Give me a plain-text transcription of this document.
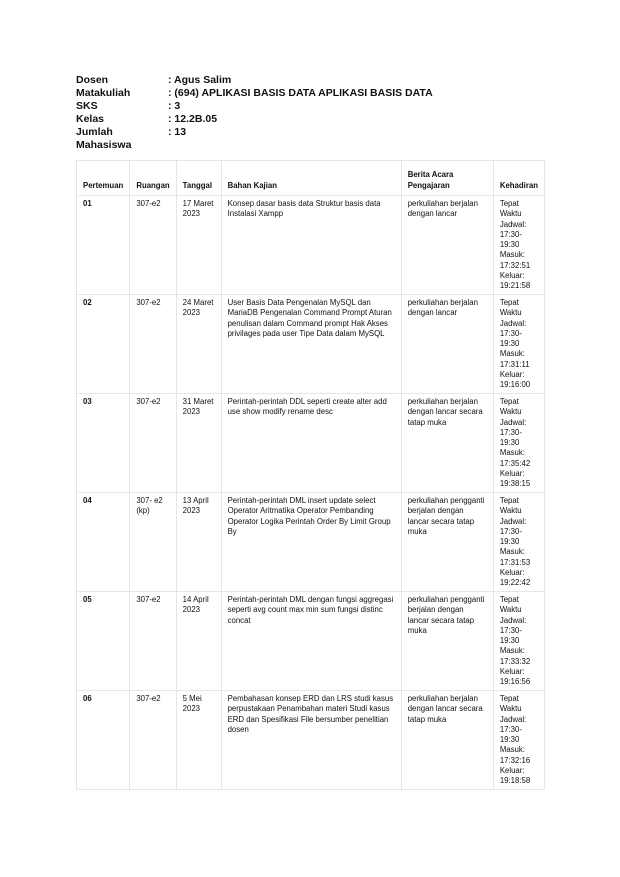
Dosen	: Agus Salim
Matakuliah	: (694) APLIKASI BASIS DATA APLIKASI BASIS DATA
SKS	: 3
Kelas	: 12.2B.05
Jumlah Mahasiswa
: 13
Pertemuan	Ruangan	Tanggal	Bahan Kajian	Berita Acara Pengajaran	Kehadiran
01	307-e2	17 Maret 2023	Konsep dasar basis data Struktur basis data Instalasi Xampp	perkuliahan berjalan dengan lancar	Tepat Waktu Jadwal: 17:30- 19:30 Masuk: 17:32:51 Keluar: 19:21:58
02	307-e2	24 Maret 2023	User Basis Data Pengenalan MySQL dan MariaDB Pengenalan Command Prompt Aturan penulisan dalam Command prompt Hak Akses privilages pada user Tipe Data dalam MySQL	perkuliahan berjalan dengan lancar	Tepat Waktu Jadwal: 17:30- 19:30 Masuk: 17:31:11 Keluar: 19:16:00
03	307-e2	31 Maret 2023	Perintah-perintah DDL seperti create alter add use show modify rename desc	perkuliahan berjalan dengan lancar secara tatap muka	Tepat Waktu Jadwal: 17:30- 19:30 Masuk: 17:35:42 Keluar: 19:38:15
04	307- e2 (kp)	13 April 2023	Perintah-perintah DML insert update select Operator Aritmatika Operator Pembanding Operator Logika Perintah Order By Limit Group By	perkuliahan pengganti berjalan dengan lancar secara tatap muka	Tepat Waktu Jadwal: 17:30- 19:30 Masuk: 17:31:53 Keluar: 19:22:42
05	307-e2	14 April 2023	Perintah-perintah DML dengan fungsi aggregasi seperti avg count max min sum fungsi distinc concat	perkuliahan pengganti berjalan dengan lancar secara tatap muka	Tepat Waktu Jadwal: 17:30- 19:30 Masuk: 17:33:32 Keluar: 19:16:56
06	307-e2	5 Mei 2023	Pembahasan konsep ERD dan LRS studi kasus perpustakaan Penambahan materi Studi kasus ERD dan Spesifikasi File bersumber penelitian dosen	perkuliahan berjalan dengan lancar secara tatap muka	Tepat Waktu Jadwal: 17:30- 19:30 Masuk: 17:32:16 Keluar: 19:18:58
